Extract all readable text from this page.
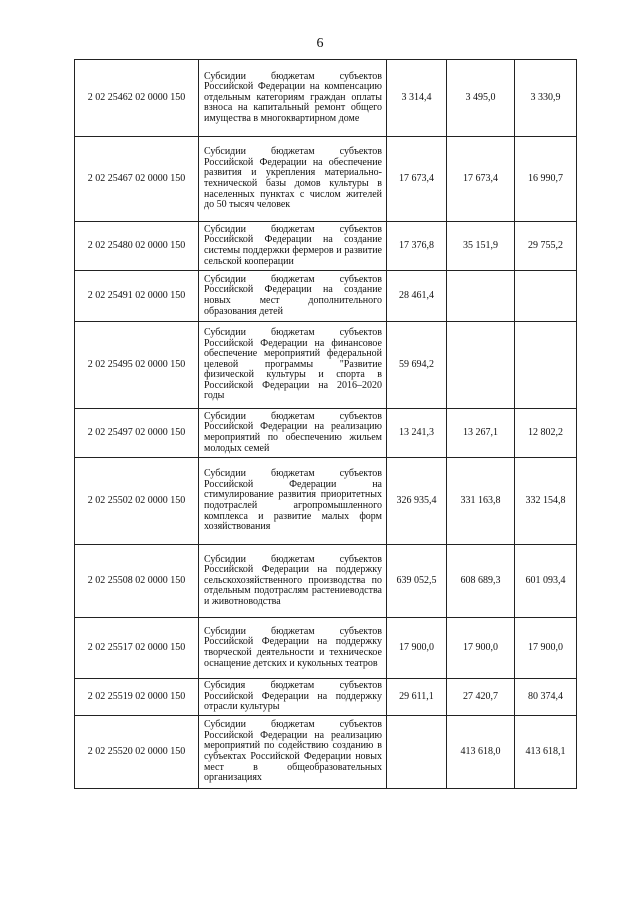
6
2 02 25462 02 0000 150	Субсидии бюджетам субъектов Российской Федерации на компенсацию отдельным категориям граждан оплаты взноса на капитальный ремонт общего имущества в многоквартирном доме	3 314,4	3 495,0	3 330,9
2 02 25467 02 0000 150	Субсидии бюджетам субъектов Российской Федерации на обеспечение развития и укрепления материально-технической базы домов культуры в населенных пунктах с числом жителей до 50 тысяч человек	17 673,4	17 673,4	16 990,7
2 02 25480 02 0000 150	Субсидии бюджетам субъектов Российской Федерации на создание системы поддержки фермеров и развитие сельской кооперации	17 376,8	35 151,9	29 755,2
2 02 25491 02 0000 150	Субсидии бюджетам субъектов Российской Федерации на создание новых мест дополнительного образования детей	28 461,4		
2 02 25495 02 0000 150	Субсидии бюджетам субъектов Российской Федерации на финансовое обеспечение мероприятий федеральной целевой программы "Развитие физической культуры и спорта в Российской Федерации на 2016–2020 годы	59 694,2		
2 02 25497 02 0000 150	Субсидии бюджетам субъектов Российской Федерации на реализацию мероприятий по обеспечению жильем молодых семей	13 241,3	13 267,1	12 802,2
2 02 25502 02 0000 150	Субсидии бюджетам субъектов Российской Федерации на стимулирование развития приоритетных подотраслей агропромышленного комплекса и развитие малых форм хозяйствования	326 935,4	331 163,8	332 154,8
2 02 25508 02 0000 150	Субсидии бюджетам субъектов Российской Федерации на поддержку сельскохозяйственного производства по отдельным подотраслям растениеводства и животноводства	639 052,5	608 689,3	601 093,4
2 02 25517 02 0000 150	Субсидии бюджетам субъектов Российской Федерации на поддержку творческой деятельности и техническое оснащение детских и кукольных театров	17 900,0	17 900,0	17 900,0
2 02 25519 02 0000 150	Субсидия бюджетам субъектов Российской Федерации на поддержку отрасли культуры	29 611,1	27 420,7	80 374,4
2 02 25520 02 0000 150	Субсидии бюджетам субъектов Российской Федерации на реализацию мероприятий по содействию созданию в субъектах Российской Федерации новых мест в общеобразовательных организациях		413 618,0	413 618,1
